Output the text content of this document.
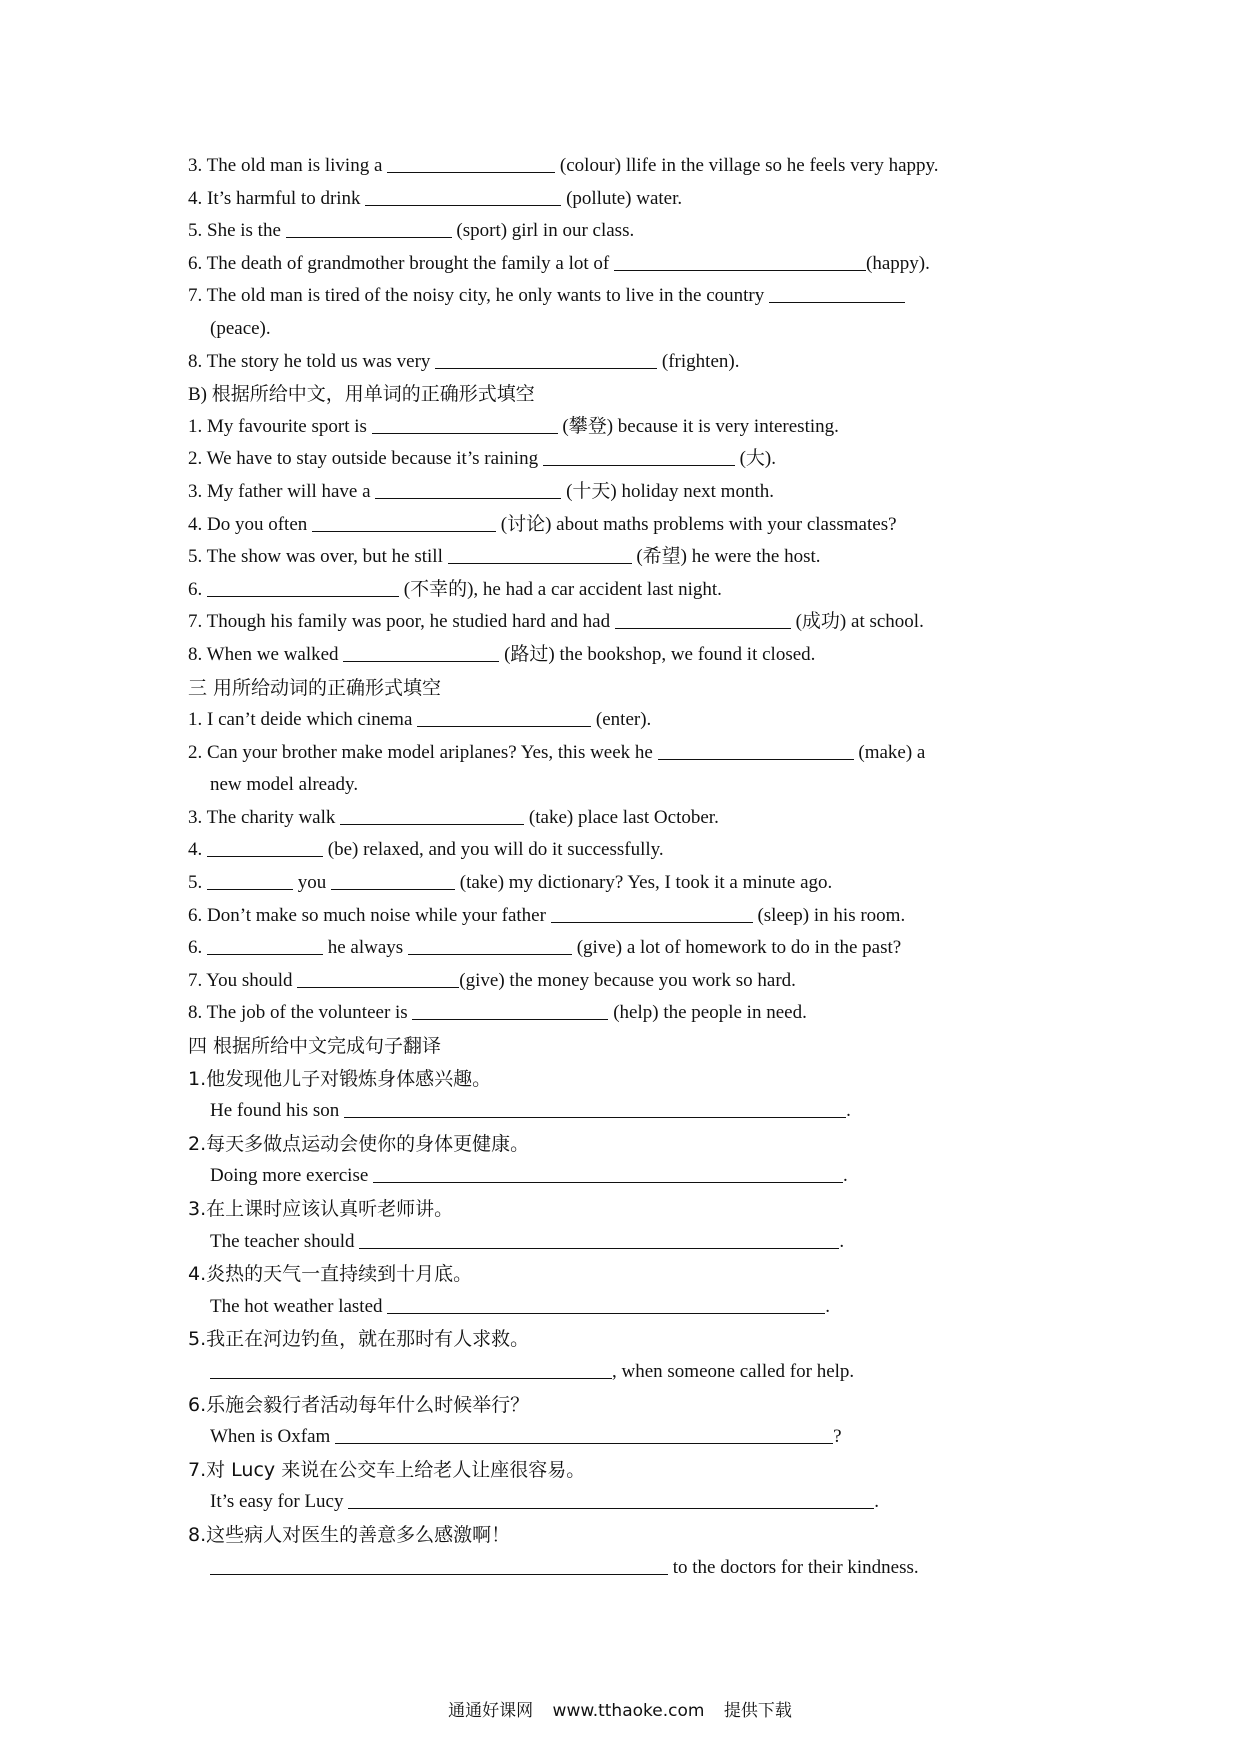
3. The old man is living a	(colour) llife in the village so he feels very happy.
4. It’s harmful to drink	(pollute) water.
5. She is the	(sport) girl in our class.
6. The death of grandmother brought the family a lot of	(happy).
7. The old man is tired of the noisy city, he only wants to live in the country
(peace).
8. The story he told us was very	(frighten).
B) 根据所给中文，用单词的正确形式填空
1. My favourite sport is	(攀登) because it is very interesting.
2. We have to stay outside because it’s raining	(大).
3. My father will have a	(十天) holiday next month.
4. Do you often	(讨论) about maths problems with your classmates?
5. The show was over, but he still	(希望) he were the host.
6.	(不幸的), he had a car accident last night.
7. Though his family was poor, he studied hard and had	(成功) at school.
8. When we walked	(路过) the bookshop, we found it closed.
三 用所给动词的正确形式填空
1. I can’t deide which cinema	(enter).
2. Can your brother make model ariplanes? Yes, this week he	(make) a
new model already.
3. The charity walk	(take) place last October.
4.	(be) relaxed, and you will do it successfully.
5.	you	(take) my dictionary? Yes, I took it a minute ago.
6. Don’t make so much noise while your father	(sleep) in his room.
6.	he always	(give) a lot of homework to do in the past?
7. You should	(give) the money because you work so hard.
8. The job of the volunteer is	(help) the people in need.
四 根据所给中文完成句子翻译
1.他发现他儿子对锻炼身体感兴趣。
He found his son	.
2.每天多做点运动会使你的身体更健康。
Doing more exercise	.
3.在上课时应该认真听老师讲。
The teacher should	.
4.炎热的天气一直持续到十月底。
The hot weather lasted	.
5.我正在河边钓鱼，就在那时有人求救。
, when someone called for help.
6.乐施会毅行者活动每年什么时候举行？
When is Oxfam	?
7.对 Lucy 来说在公交车上给老人让座很容易。
It’s easy for Lucy	.
8.这些病人对医生的善意多么感激啊！
to the doctors for their kindness.
通通好课网 www.tthaoke.com 提供下载
